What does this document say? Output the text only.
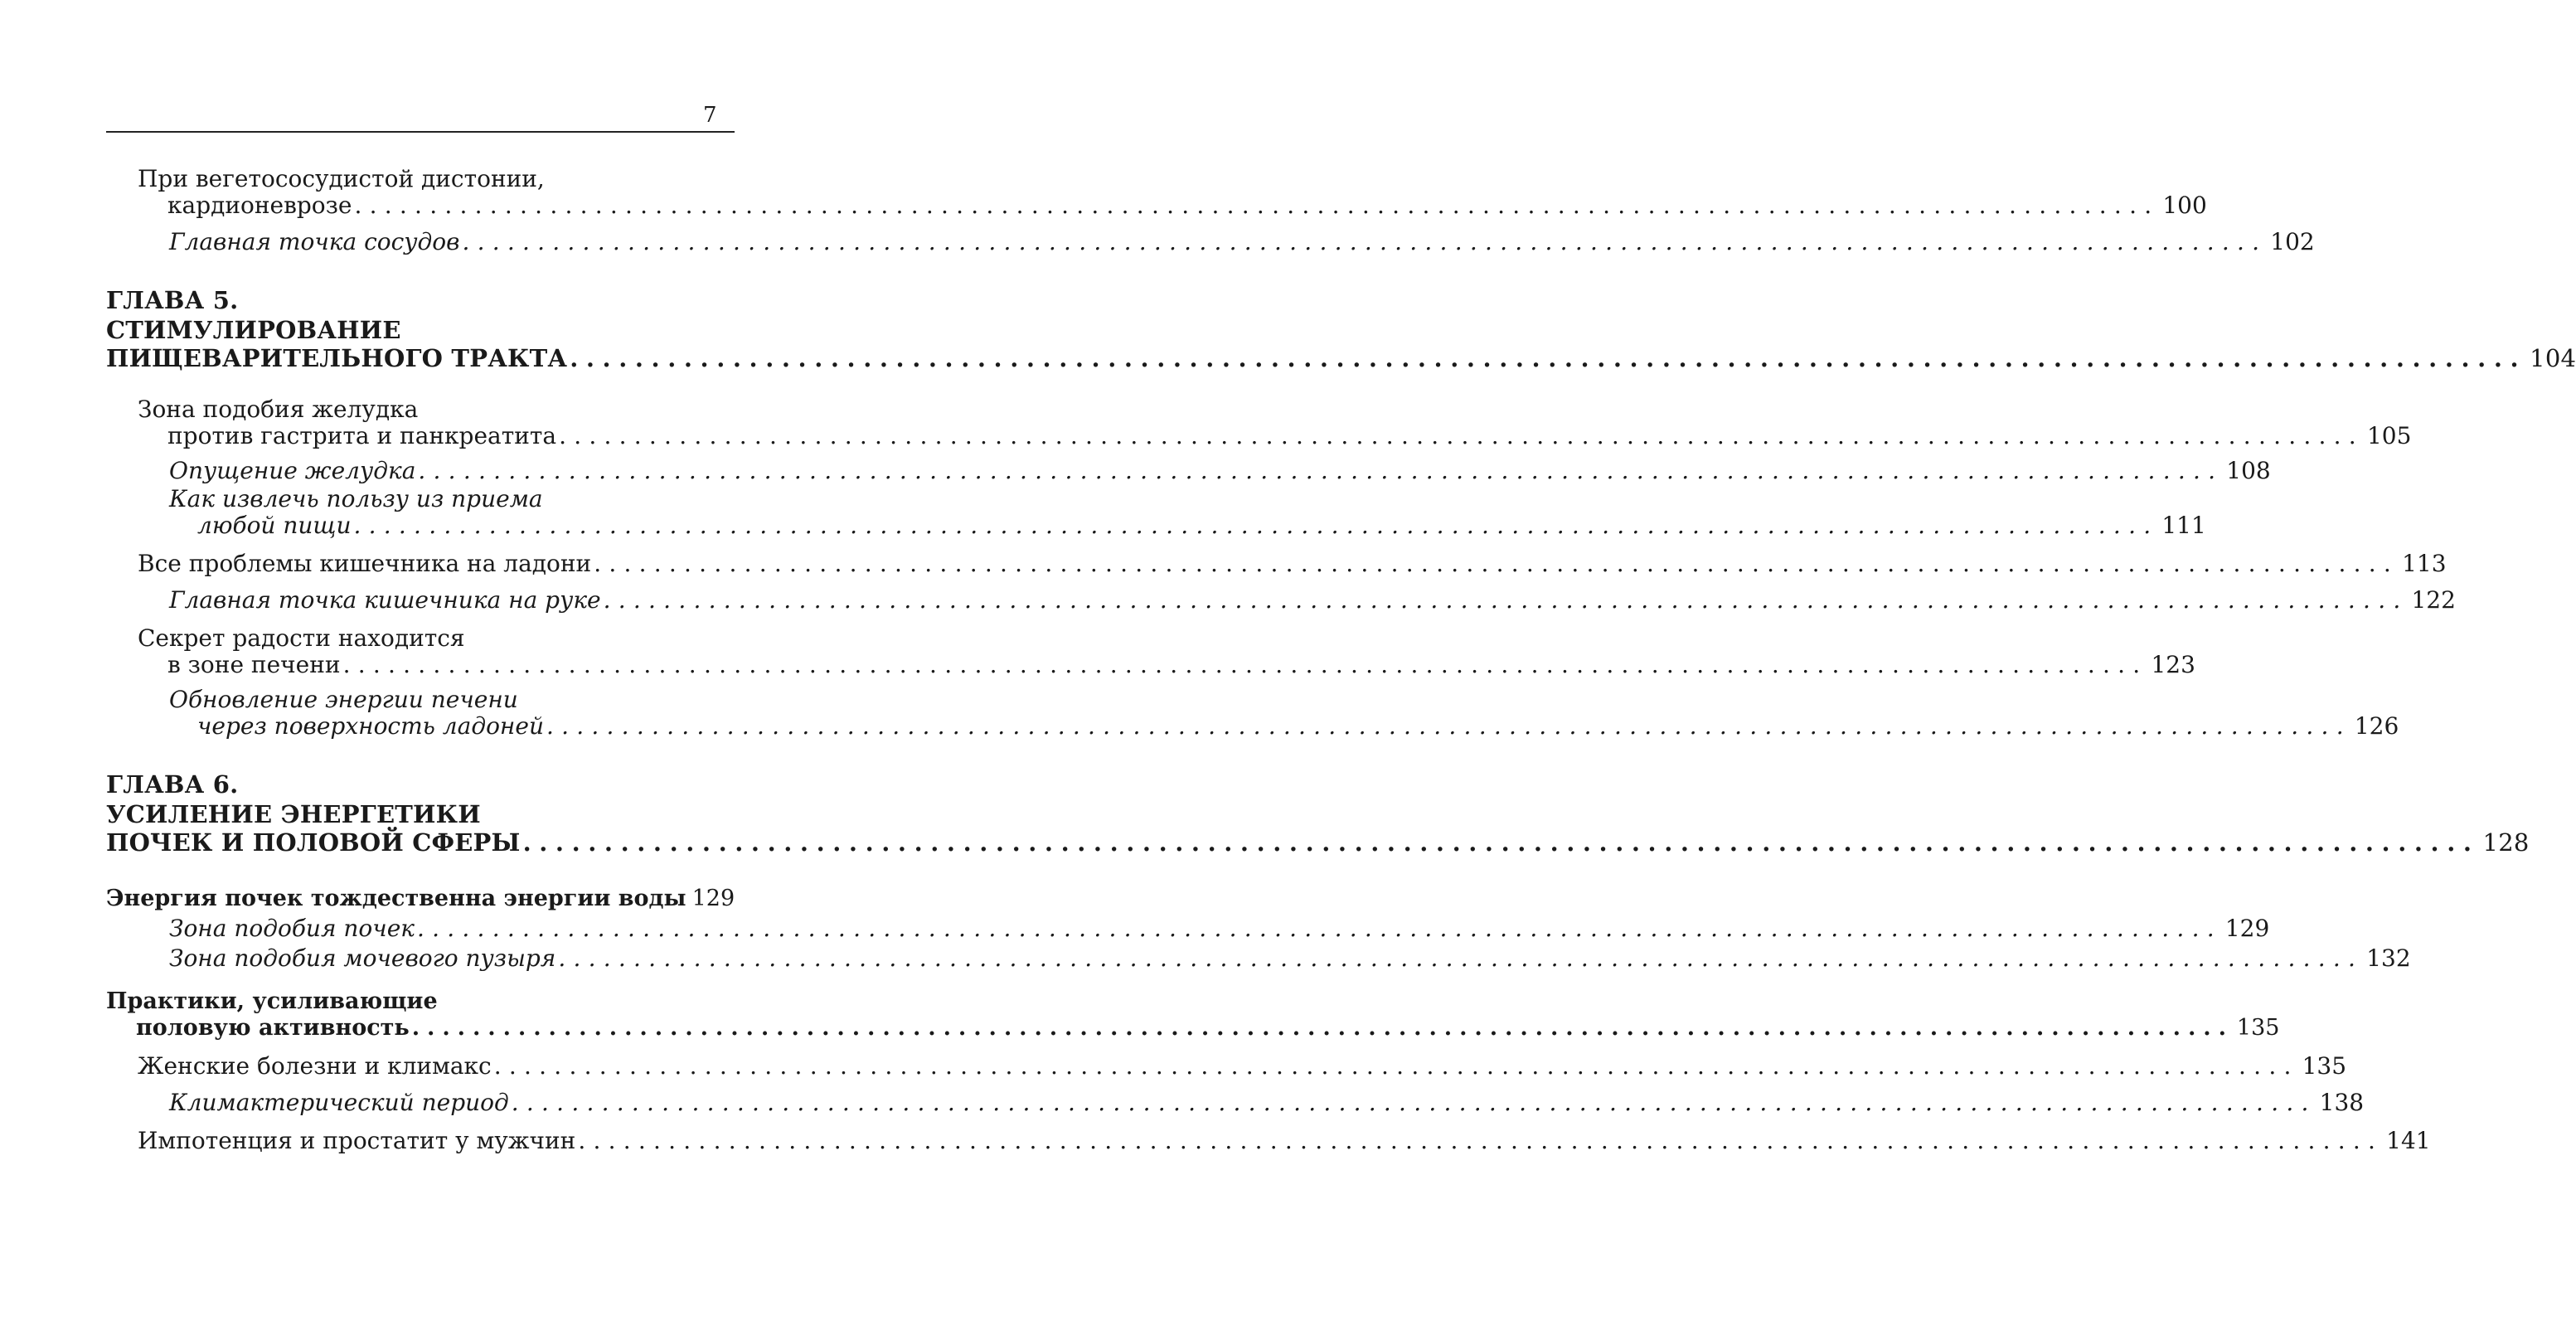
7
При вегетососудистой дистонии,
кардионеврозе ........................................................................................................................ 100
Главная точка сосудов ........................................................................................................................ 102
ГЛАВА 5.
СТИМУЛИРОВАНИЕ
ПИЩЕВАРИТЕЛЬНОГО ТРАКТА ........................................................................................................................ 104
Зона подобия желудка
против гастрита и панкреатита ........................................................................................................................ 105
Опущение желудка ........................................................................................................................ 108
Как извлечь пользу из приема
любой пищи ........................................................................................................................ 111
Все проблемы кишечника на ладони ........................................................................................................................ 113
Главная точка кишечника на руке ........................................................................................................................ 122
Секрет радости находится
в зоне печени ........................................................................................................................ 123
Обновление энергии печени
через поверхность ладоней ........................................................................................................................ 126
ГЛАВА 6.
УСИЛЕНИЕ ЭНЕРГЕТИКИ
ПОЧЕК И ПОЛОВОЙ СФЕРЫ ........................................................................................................................ 128
Энергия почек тождественна энергии воды 129
Зона подобия почек ........................................................................................................................ 129
Зона подобия мочевого пузыря ........................................................................................................................ 132
Практики, усиливающие
половую активность ........................................................................................................................ 135
Женские болезни и климакс ........................................................................................................................ 135
Климактерический период ........................................................................................................................ 138
Импотенция и простатит у мужчин ........................................................................................................................ 141
